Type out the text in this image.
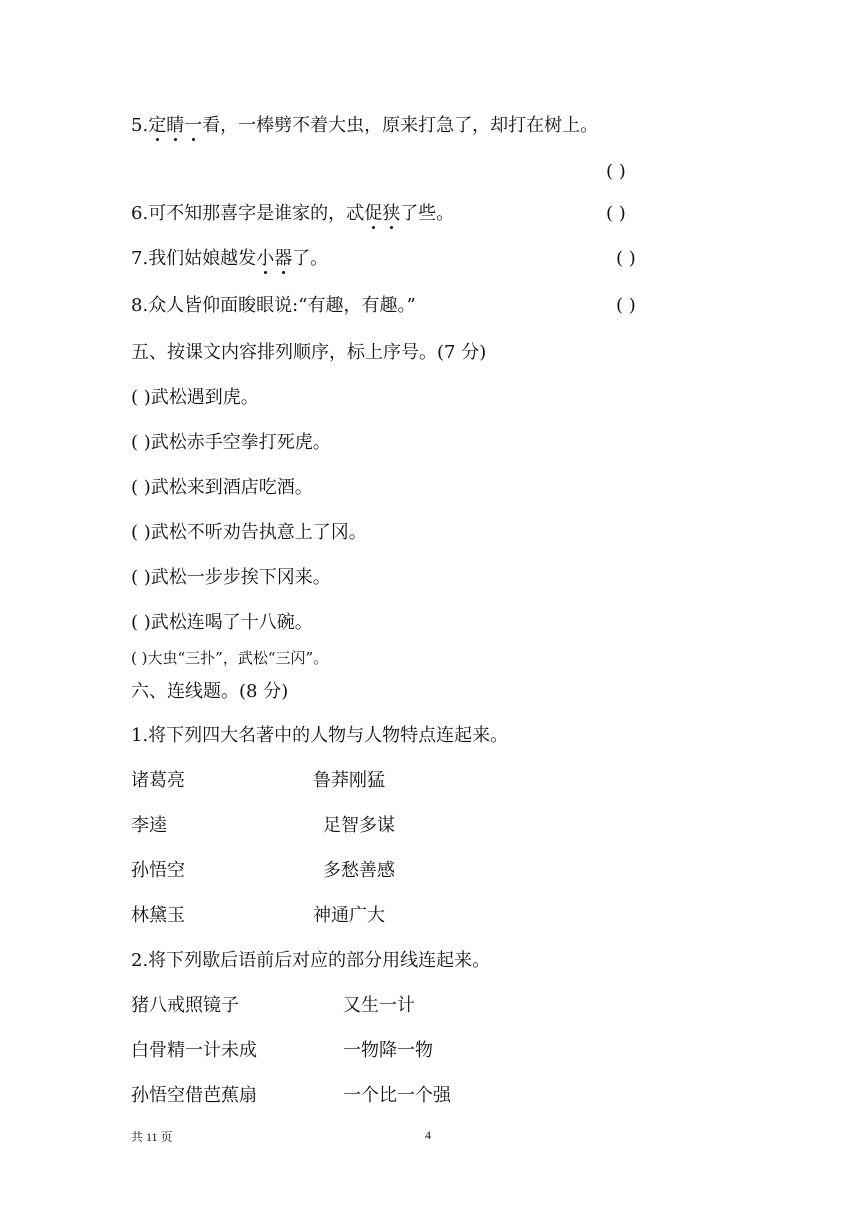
5.定睛一看，一棒劈不着大虫，原来打急了，却打在树上。
( )
6.可不知那喜字是谁家的，忒促狭了些。	( )
7.我们姑娘越发小器了。	( )
8.众人皆仰面睃眼说:“有趣，有趣。”	( )
五、按课文内容排列顺序，标上序号。(7 分)
( )武松遇到虎。
( )武松赤手空拳打死虎。
( )武松来到酒店吃酒。
( )武松不听劝告执意上了冈。
( )武松一步步挨下冈来。
( )武松连喝了十八碗。
( )大虫“三扑”，武松“三闪”。
六、连线题。(8 分)
1.将下列四大名著中的人物与人物特点连起来。
诸葛亮	鲁莽刚猛
李逵	足智多谋
孙悟空	多愁善感
林黛玉	神通广大
2.将下列歇后语前后对应的部分用线连起来。
猪八戒照镜子	又生一计
白骨精一计未成	一物降一物
孙悟空借芭蕉扇	一个比一个强
共 11 页	4
